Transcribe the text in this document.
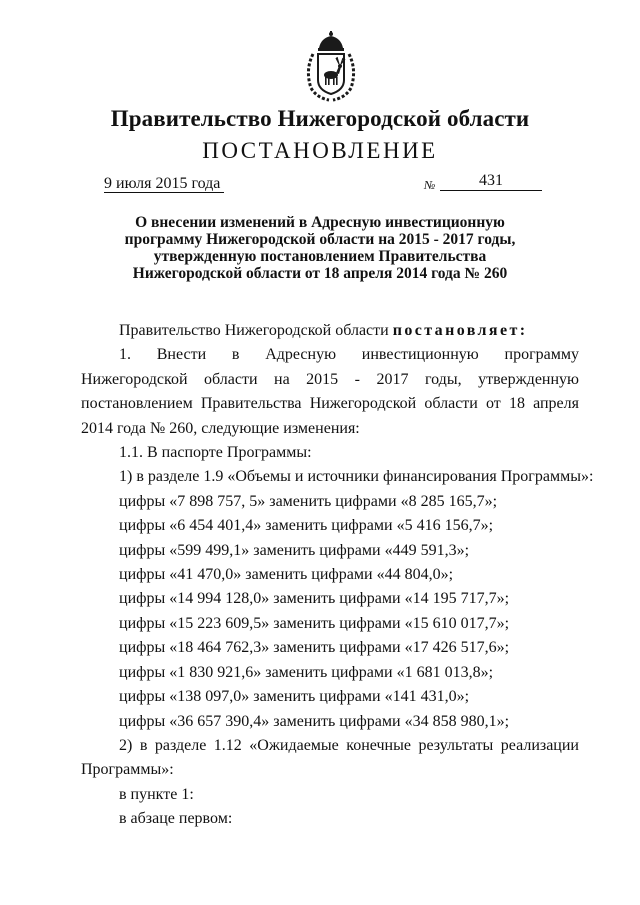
Правительство Нижегородской области
ПОСТАНОВЛЕНИЕ
9 июля 2015 года	№	431
О внесении изменений в Адресную инвестиционную
программу Нижегородской области на 2015 - 2017 годы,
утвержденную постановлением Правительства
Нижегородской области от 18 апреля 2014 года № 260

Правительство Нижегородской области постановляет:

1. Внести в Адресную инвестиционную программу Нижегородской области на 2015 - 2017 годы, утвержденную постановлением Правительства Нижегородской области от 18 апреля 2014 года № 260, следующие изменения:

1.1. В паспорте Программы:

1) в разделе 1.9 «Объемы и источники финансирования Программы»:

цифры «7 898 757, 5» заменить цифрами «8 285 165,7»;

цифры «6 454 401,4» заменить цифрами «5 416 156,7»;

цифры «599 499,1» заменить цифрами «449 591,3»;

цифры «41 470,0» заменить цифрами «44 804,0»;

цифры «14 994 128,0» заменить цифрами «14 195 717,7»;

цифры «15 223 609,5» заменить цифрами «15 610 017,7»;

цифры «18 464 762,3» заменить цифрами «17 426 517,6»;

цифры «1 830 921,6» заменить цифрами «1 681 013,8»;

цифры «138 097,0» заменить цифрами «141 431,0»;

цифры «36 657 390,4» заменить цифрами «34 858 980,1»;

2) в разделе 1.12 «Ожидаемые конечные результаты реализации Программы»:

в пункте 1:

в абзаце первом:
